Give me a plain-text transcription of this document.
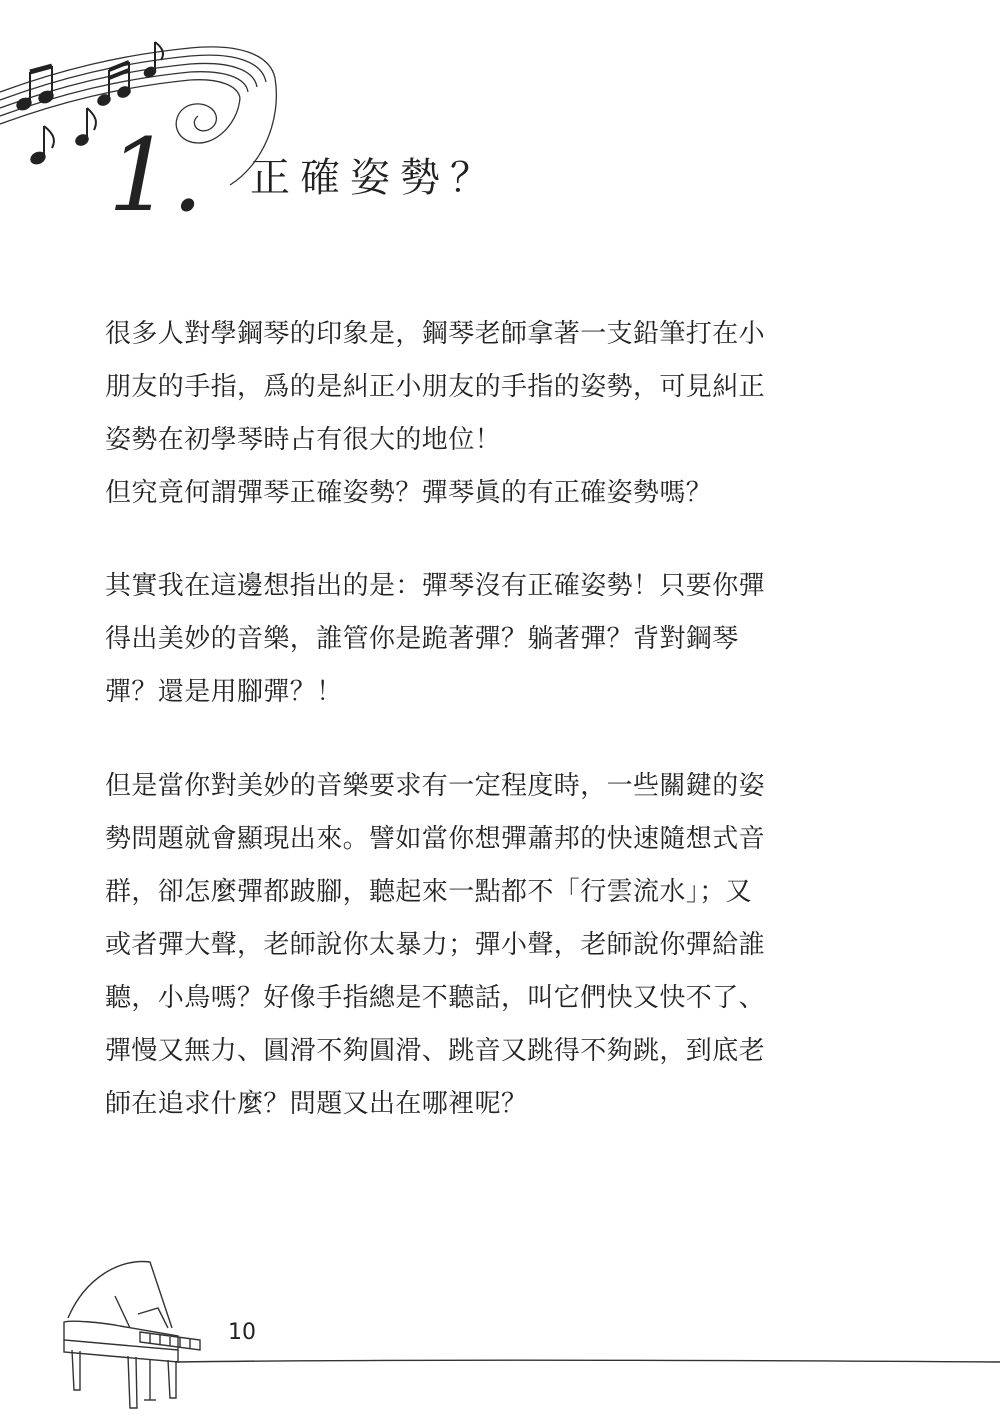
1. 正確姿勢？

很多人對學鋼琴的印象是，鋼琴老師拿著一支鉛筆打在小
朋友的手指，爲的是糾正小朋友的手指的姿勢，可見糾正
姿勢在初學琴時占有很大的地位！
但究竟何謂彈琴正確姿勢？彈琴眞的有正確姿勢嗎？

其實我在這邊想指出的是：彈琴沒有正確姿勢！只要你彈
得出美妙的音樂，誰管你是跪著彈？躺著彈？背對鋼琴
彈？還是用腳彈？！

但是當你對美妙的音樂要求有一定程度時，一些關鍵的姿
勢問題就會顯現出來。譬如當你想彈蕭邦的快速隨想式音
群，卻怎麼彈都跛腳，聽起來一點都不「行雲流水」；又
或者彈大聲，老師說你太暴力；彈小聲，老師說你彈給誰
聽，小鳥嗎？好像手指總是不聽話，叫它們快又快不了、
彈慢又無力、圓滑不夠圓滑、跳音又跳得不夠跳，到底老
師在追求什麼？問題又出在哪裡呢？

10
